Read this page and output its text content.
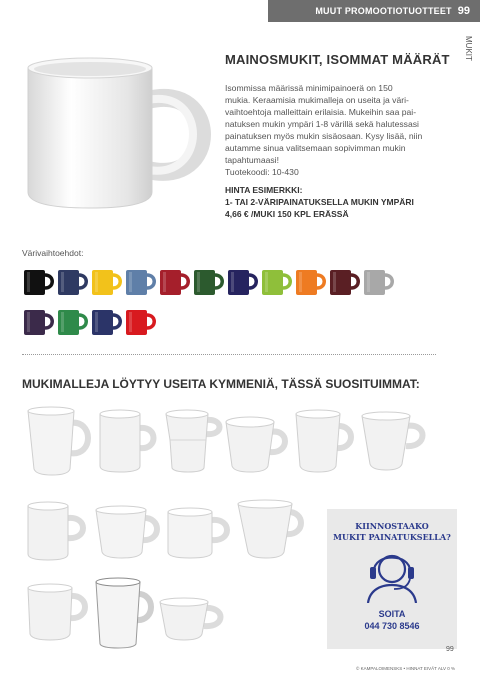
MUUT PROMOOTIOTUOTTEET 99
MUKIT
MAINOSMUKIT, ISOMMAT MÄÄRÄT
Isommissa määrissä minimipainoerä on 150
mukia. Keraamisia mukimalleja on useita ja väri-
vaihtoehtoja malleittain erilaisia. Mukeihin saa pai-
natuksen mukin ympäri 1-8 värillä sekä halutessasi
painatuksen myös mukin sisäosaan. Kysy lisää, niin
autamme sinua valitsemaan sopivimman mukin
tapahtumaasi!
Tuotekoodi: 10-430
HINTA ESIMERKKI:
1- TAI 2-VÄRIPAINATUKSELLA MUKIN YMPÄRI
4,66 € /MUKI 150 KPL ERÄSSÄ
Värivaihtoehdot:
MUKIMALLEJA LÖYTYY USEITA KYMMENIÄ, TÄSSÄ SUOSITUIMMAT:
KIINNOSTAAKO
MUKIT PAINATUKSELLA?
SOITA
044 730 8546
99
© KAMPALOIMENSKS • HINNAT EIVÄT ALV 0 %
